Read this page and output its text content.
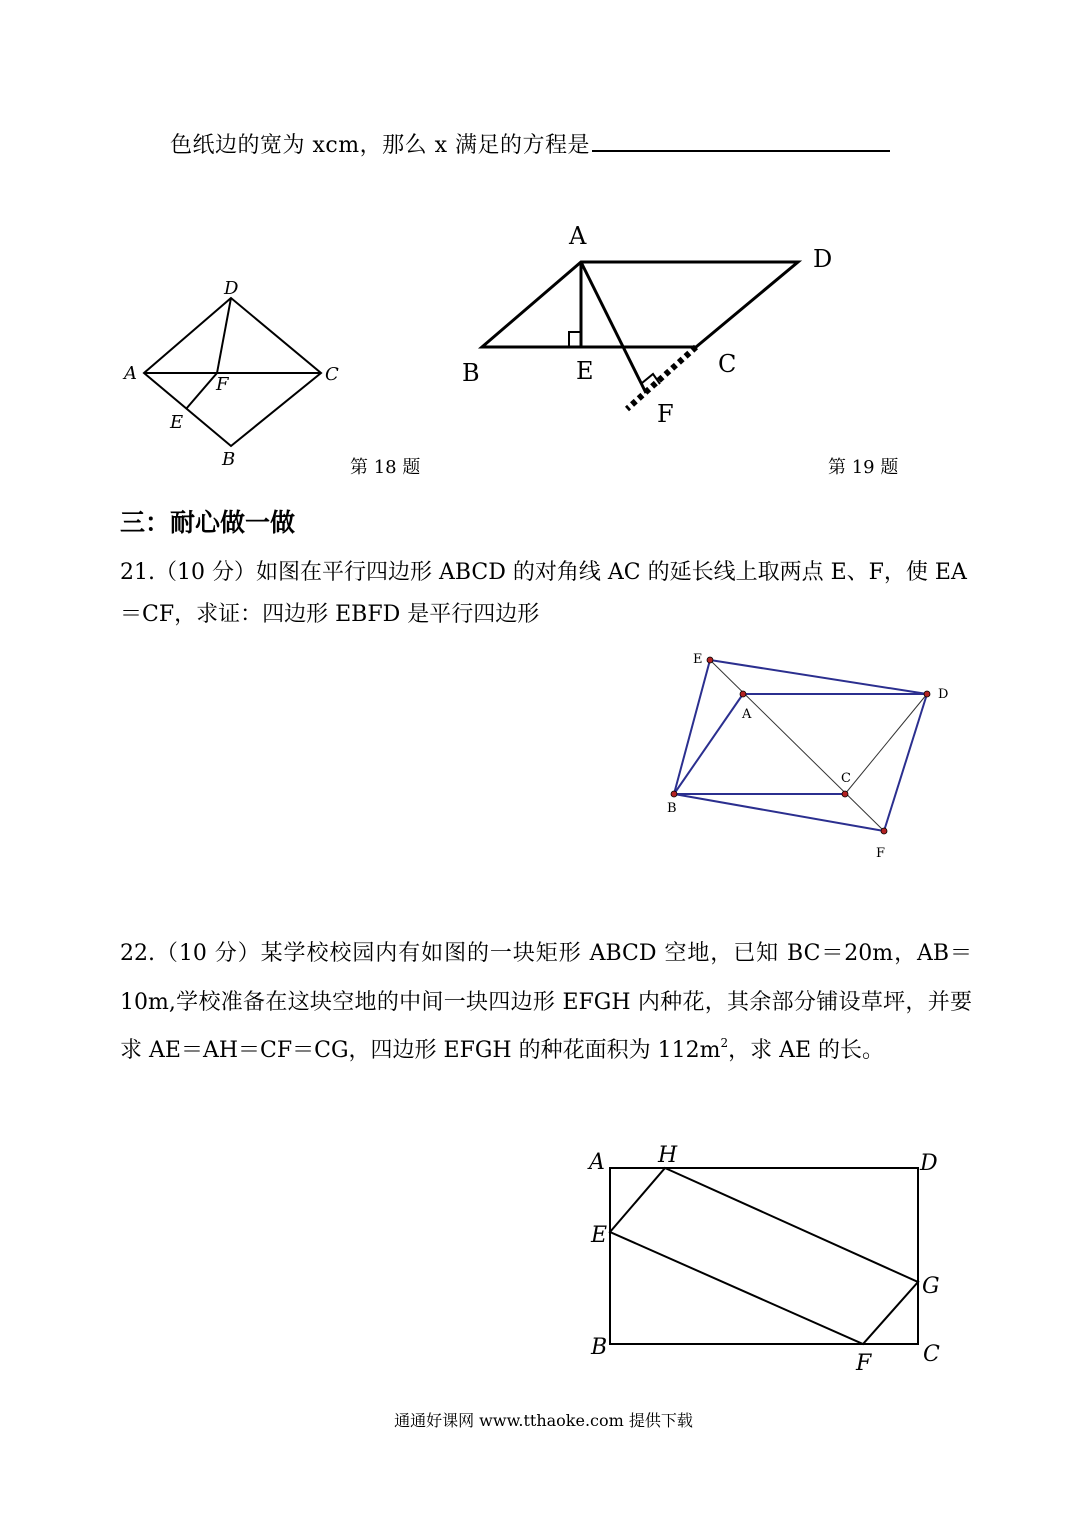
色纸边的宽为 xcm，那么 x 满足的方程是
D
A	C
F
E
B	第 18 题
A
D
B	E	C
F
第 19 题
三：耐心做一做
21.（10 分）如图在平行四边形 ABCD 的对角线 AC 的延长线上取两点 E、F，使 EA＝CF，求证：四边形 EBFD 是平行四边形
E
A
D
C
B
F
22.（10 分）某学校校园内有如图的一块矩形 ABCD 空地，已知 BC＝20m，AB＝10m,学校准备在这块空地的中间一块四边形 EFGH 内种花，其余部分铺设草坪，并要求 AE＝AH＝CF＝CG，四边形 EFGH 的种花面积为 $112m^2$，求 AE 的长。
A H	D
E
G
B
F C
通通好课网 www.tthaoke.com 提供下载
